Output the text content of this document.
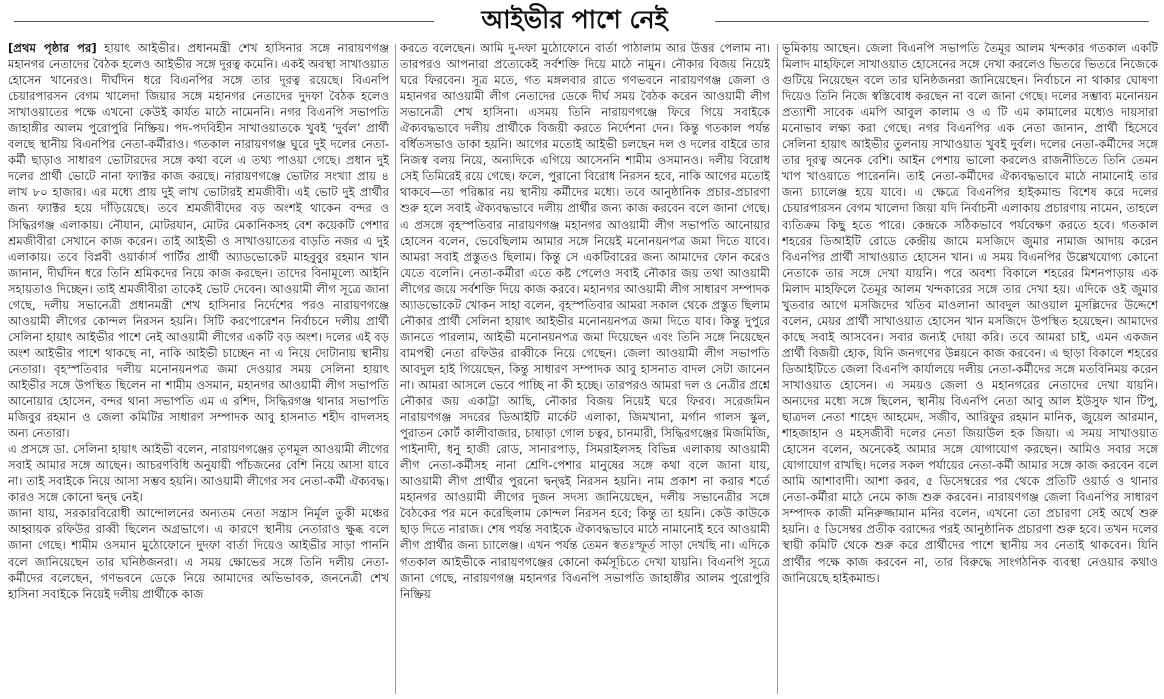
আইভীর পাশে নেই

[প্রথম পৃষ্ঠার পর] হায়াৎ আইভীর। প্রধানমন্ত্রী শেখ হাসিনার সঙ্গে নারায়ণগঞ্জ মহানগর নেতাদের বৈঠক হলেও আইভীর সঙ্গে দূরত্ব কমেনি। একই অবস্থা সাখাওয়াত হোসেন খানেরও। দীর্ঘদিন ধরে বিএনপির সঙ্গে তার দূরত্ব রয়েছে। বিএনপি চেয়ারপারসন বেগম খালেদা জিয়ার সঙ্গে মহানগর নেতাদের দুদফা বৈঠক হলেও সাখাওয়াতের পক্ষে এখনো কেউই কার্যত মাঠে নামেননি। নগর বিএনপি সভাপতি জাহাঙ্গীর আলম পুরোপুরি নিষ্ক্রিয়। পদ-পদবিহীন সাখাওয়াতকে খুবই ‘দুর্বল’ প্রার্থী বলছে স্থানীয় বিএনপির নেতা-কর্মীরাও। গতকাল নারায়ণগঞ্জ ঘুরে দুই দলের নেতা-কর্মী ছাড়াও সাধারণ ভোটারদের সঙ্গে কথা বলে এ তথ্য পাওয়া গেছে। প্রধান দুই দলের প্রার্থী ভোটে নানা ফ্যাক্টর কাজ করছে। নারায়ণগঞ্জে ভোটার সংখ্যা প্রায় ৪ লাখ ৮০ হাজার। এর মধ্যে প্রায় দুই লাখ ভোটারই শ্রমজীবী। এই ভোট দুই প্রার্থীর জন্য ফ্যাক্টর হয়ে দাঁড়িয়েছে। তবে শ্রমজীবীদের বড় অংশই থাকেন বন্দর ও সিদ্ধিরগঞ্জ এলাকায়। নৌযান, মোটরযান, মোটর মেকানিকসহ বেশ কয়েকটি পেশার শ্রমজীবীরা সেখানে কাজ করেন। তাই আইভী ও সাখাওয়াতের বাড়তি নজর এ দুই এলাকায়। তবে বিপ্লবী ওয়ার্কার্স পার্টির প্রার্থী অ্যাডভোকেট মাহবুবুর রহমান খান জানান, দীর্ঘদিন ধরে তিনি শ্রমিকদের নিয়ে কাজ করছেন। তাদের বিনামূল্যে আইনি সহায়তাও দিচ্ছেন। তাই শ্রমজীবীরা তাকেই ভোট দেবেন। আওয়ামী লীগ সূত্রে জানা গেছে, দলীয় সভানেত্রী প্রধানমন্ত্রী শেখ হাসিনার নির্দেশের পরও নারায়ণগঞ্জে আওয়ামী লীগের কোন্দল নিরসন হয়নি। সিটি করপোরেশন নির্বাচনে দলীয় প্রার্থী সেলিনা হায়াৎ আইভীর পাশে নেই আওয়ামী লীগের একটি বড় অংশ। দলের এই বড় অংশ আইভীর পাশে থাকছে না, নাকি আইভী চাচ্ছেন না এ নিয়ে দোটানায় স্থানীয় নেতারা। বৃহস্পতিবার দলীয় মনোনয়নপত্র জমা দেওয়ার সময় সেলিনা হায়াৎ আইভীর সঙ্গে উপস্থিত ছিলেন না শামীম ওসমান, মহানগর আওয়ামী লীগ সভাপতি আনোয়ার হোসেন, বন্দর থানা সভাপতি এম এ রশিদ, সিদ্ধিরগঞ্জ থানার সভাপতি মজিবুর রহমান ও জেলা কমিটির সাধারণ সম্পাদক আবু হাসনাত শহীদ বাদলসহ অন্য নেতারা।

এ প্রসঙ্গে ডা. সেলিনা হায়াৎ আইভী বলেন, নারায়ণগঞ্জের তৃণমূল আওয়ামী লীগের সবাই আমার সঙ্গে আছেন। আচরণবিধি অনুযায়ী পাঁচজনের বেশি নিয়ে আসা যাবে না। তাই সবাইকে নিয়ে আসা সম্ভব হয়নি। আওয়ামী লীগের সব নেতা-কর্মী ঐক্যবদ্ধ। কারও সঙ্গে কোনো দ্বন্দ্ব নেই।

জানা যায়, সরকারবিরোধী আন্দোলনের অন্যতম নেতা সন্ত্রাস নির্মূল তুকী মঞ্চের আহ্বায়ক রফিউর রাব্বী ছিলেন অগ্রভাগে। এ কারণে স্থানীয় নেতারাও ক্ষুব্ধ বলে জানা গেছে। শামীম ওসমান মুঠোফোনে দুদফা বার্তা দিয়েও আইভীর সাড়া পাননি বলে জানিয়েছেন তার ঘনিষ্ঠজনরা। এ সময় ক্ষোভের সঙ্গে তিনি দলীয় নেতা-কর্মীদের বলেছেন, গণভবনে ডেকে নিয়ে আমাদের অভিভাবক, জননেত্রী শেখ হাসিনা সবাইকে নিয়েই দলীয় প্রার্থীকে কাজ

করতে বলেছেন। আমি দু-দফা মুঠোফোনে বার্তা পাঠালাম আর উত্তর পেলাম না। তারপরও আপনারা প্রত্যেকেই সর্বশক্তি দিয়ে মাঠে নামুন। নৌকার বিজয় নিয়েই ঘরে ফিরবেন। সূত্র মতে, গত মঙ্গলবার রাতে গণভবনে নারায়ণগঞ্জ জেলা ও মহানগর আওয়ামী লীগ নেতাদের ডেকে দীর্ঘ সময় বৈঠক করেন আওয়ামী লীগ সভানেত্রী শেখ হাসিনা। এসময় তিনি নারায়ণগঞ্জে ফিরে গিয়ে সবাইকে ঐক্যবদ্ধভাবে দলীয় প্রার্থীকে বিজয়ী করতে নির্দেশনা দেন। কিন্তু গতকাল পর্যন্ত বর্ধিতসভাও ডাকা হয়নি। আগের মতোই আইভী চলছেন দল ও দলের বাইরে তার নিজস্ব বলয় নিয়ে, অন্যদিকে এগিয়ে আসেননি শামীম ওসমানও। দলীয় বিরোধ সেই তিমিরেই রয়ে গেছে। ফলে, পুরানো বিরোধ নিরসন হবে, নাকি আগের মতোই থাকবে—তা পরিষ্কার নয় স্থানীয় কর্মীদের মধ্যে। তবে আনুষ্ঠানিক প্রচার-প্রচারণা শুরু হলে সবাই ঐক্যবদ্ধভাবে দলীয় প্রার্থীর জন্য কাজ করবেন বলে জানা গেছে। এ প্রসঙ্গে বৃহস্পতিবার নারায়ণগঞ্জ মহানগর আওয়ামী লীগ সভাপতি আনোয়ার হোসেন বলেন, ভেবেছিলাম আমার সঙ্গে নিয়েই মনোনয়নপত্র জমা দিতে যাবে। আমরা সবাই প্রস্তুতও ছিলাম। কিন্তু সে একটিবারের জন্য আমাদের ফোন করেও যেতে বলেনি। নেতা-কর্মীরা এতে কষ্ট পেলেও সবাই নৌকার জয় তথা আওয়ামী লীগের জয়ে সর্বশক্তি দিয়ে কাজ করবে। মহানগর আওয়ামী লীগ সাধারণ সম্পাদক অ্যাডভোকেট খোকন সাহা বলেন, বৃহস্পতিবার আমরা সকাল থেকে প্রস্তুত ছিলাম নৌকার প্রার্থী সেলিনা হায়াৎ আইভীর মনোনয়নপত্র জমা দিতে যাব। কিন্তু দুপুরে জানতে পারলাম, আইভী মনোনয়নপত্র জমা দিয়েছেন এবং তিনি সঙ্গে নিয়েছেন বামপন্থী নেতা রফিউর রাব্বীকে নিয়ে গেছেন। জেলা আওয়ামী লীগ সভাপতি আবদুল হাই গিয়েছেন, কিন্তু সাধারণ সম্পাদক আবু হাসনাত বাদল সেটা জানেন না। আমরা আসলে ভেবে পাচ্ছি না কী হচ্ছে। তারপরও আমরা দল ও নেত্রীর প্রশ্নে নৌকার জয় একাট্টা আছি, নৌকার বিজয় নিয়েই ঘরে ফিরব। সরেজমিন নারায়ণগঞ্জ সদরের ডিআইটি মার্কেট এলাকা, জিমখানা, মর্গান গালস স্কুল, পুরাতন কোর্ট কালীবাজার, চাষাড়া গোল চত্বর, চানমারী, সিদ্ধিরগঞ্জের মিজমিজি, পাইনাদী, ধনু হাজী রোড, সানারপাড়, সিমরাইলসহ বিভিন্ন এলাকায় আওয়ামী লীগ নেতা-কর্মীসহ নানা শ্রেণি-পেশার মানুষের সঙ্গে কথা বলে জানা যায়, আওয়ামী লীগ প্রার্থীর পুরনো দ্বন্দ্বই নিরসন হয়নি। নাম প্রকাশ না করার শর্তে মহানগর আওয়ামী লীগের দুজন সদস্য জানিয়েছেন, দলীয় সভানেত্রীর সঙ্গে বৈঠকের পর মনে করেছিলাম কোন্দল নিরসন হবে; কিন্তু তা হয়নি। কেউ কাউকে ছাড় দিতে নারাজ। শেষ পর্যন্ত সবাইকে ঐক্যবদ্ধভাবে মাঠে নামানোই হবে আওয়ামী লীগ প্রার্থীর জন্য চ্যালেঞ্জ। এখন পর্যন্ত তেমন স্বতঃস্ফূর্ত সাড়া দেখছি না। এদিকে গতকাল আইভীকে নারায়ণগঞ্জের কোনো কর্মসূচিতে দেখা যায়নি। বিএনপি সূত্রে জানা গেছে, নারায়ণগঞ্জ মহানগর বিএনপি সভাপতি জাহাঙ্গীর আলম পুরোপুরি নিষ্ক্রিয়

ভূমিকায় আছেন। জেলা বিএনপি সভাপতি তৈমূর আলম খন্দকার গতকাল একটি মিলাদ মাহফিলে সাখাওয়াত হোসেনের সঙ্গে দেখা করলেও ভিতরে ভিতরে নিজেকে গুটিয়ে নিয়েছেন বলে তার ঘনিষ্ঠজনরা জানিয়েছেন। নির্বাচনে না থাকার ঘোষণা দিয়েও তিনি নিজে স্বস্তিবোধ করছেন না বলে জানা গেছে। দলের সম্ভাব্য মনোনয়ন প্রত্যাশী সাবেক এমপি আবুল কালাম ও এ টি এম কামালের মধ্যেও দায়সারা মনোভাব লক্ষ্য করা গেছে। নগর বিএনপির এক নেতা জানান, প্রার্থী হিসেবে সেলিনা হায়াৎ আইভীর তুলনায় সাখাওয়াত খুবই দুর্বল। দলের নেতা-কর্মীদের সঙ্গে তার দূরত্ব অনেক বেশি। আইন পেশায় ভালো করলেও রাজনীতিতে তিনি তেমন খাপ খাওয়াতে পারেননি। তাই নেতা-কর্মীদের ঐক্যবদ্ধভাবে মাঠে নামানোই তার জন্য চ্যালেঞ্জ হয়ে যাবে। এ ক্ষেত্রে বিএনপির হাইকমান্ড বিশেষ করে দলের চেয়ারপারসন বেগম খালেদা জিয়া যদি নির্বাচনী এলাকায় প্রচারণায় নামেন, তাহলে ব্যতিক্রম কিছু হতে পারে। কেন্দ্রকে সঠিকভাবে পর্যবেক্ষণ করতে হবে। গতকাল শহরের ডিআইটি রোডে কেন্দ্রীয় জামে মসজিদে জুমার নামাজ আদায় করেন বিএনপির প্রার্থী সাখাওয়াত হোসেন খান। এ সময় বিএনপির উল্লেখযোগ্য কোনো নেতাকে তার সঙ্গে দেখা যায়নি। পরে অবশ্য বিকালে শহরের মিশনপাড়ায় এক মিলাদ মাহফিলে তৈমূর আলম খন্দকারের সঙ্গে তার দেখা হয়। এদিকে ওই জুমার খুতবার আগে মসজিদের খতিব মাওলানা আবদুল আওয়াল মুসল্লিদের উদ্দেশে বলেন, মেয়র প্রার্থী সাখাওয়াত হোসেন খান মসজিদে উপস্থিত হয়েছেন। আমাদের কাছে সবাই আসবেন। সবার জন্যই দোয়া করি। তবে আমরা চাই, এমন একজন প্রার্থী বিজয়ী হোক, যিনি জনগণের উন্নয়নে কাজ করবেন। এ ছাড়া বিকালে শহরের ডিআইটিতে জেলা বিএনপি কার্যালয়ে দলীয় নেতা-কর্মীদের সঙ্গে মতবিনিময় করেন সাখাওয়াত হোসেন। এ সময়ও জেলা ও মহানগরের নেতাদের দেখা যায়নি। অন্যদের মধ্যে সঙ্গে ছিলেন, স্থানীয় বিএনপি নেতা আবু আল ইউসুফ খান টিপু, ছাত্রদল নেতা শাহেদ আহমেদ, সজীব, আরিফুর রহমান মানিক, জুয়েল আরমান, শাহজাহান ও মহসজীবী দলের নেতা জিয়াউল হক জিয়া। এ সময় সাখাওয়াত হোসেন বলেন, অনেকেই আমার সঙ্গে যোগাযোগ করছেন। আমিও সবার সঙ্গে যোগাযোগ রাখছি। দলের সকল পর্যায়ের নেতা-কর্মী আমার সঙ্গে কাজ করবেন বলে আমি আশাবাদী। আশা করব, ৫ ডিসেম্বরের পর থেকে প্রতিটি ওয়ার্ড ও থানার নেতা-কর্মীরা মাঠে নেমে কাজ শুরু করবেন। নারায়ণগঞ্জ জেলা বিএনপির সাধারণ সম্পাদক কাজী মনিরুজ্জামান মনির বলেন, এখনো তো প্রচারণা সেই অর্থে শুরু হয়নি। ৫ ডিসেম্বর প্রতীক বরাদ্দের পরই আনুষ্ঠানিক প্রচারণা শুরু হবে। তখন দলের স্থায়ী কমিটি থেকে শুরু করে প্রার্থীদের পাশে স্থানীয় সব নেতাই থাকবেন। যিনি প্রার্থীর পক্ষে কাজ করবেন না, তার বিরুদ্ধে সাংগঠনিক ব্যবস্থা নেওয়ার কথাও জানিয়েছে হাইকমান্ড।
